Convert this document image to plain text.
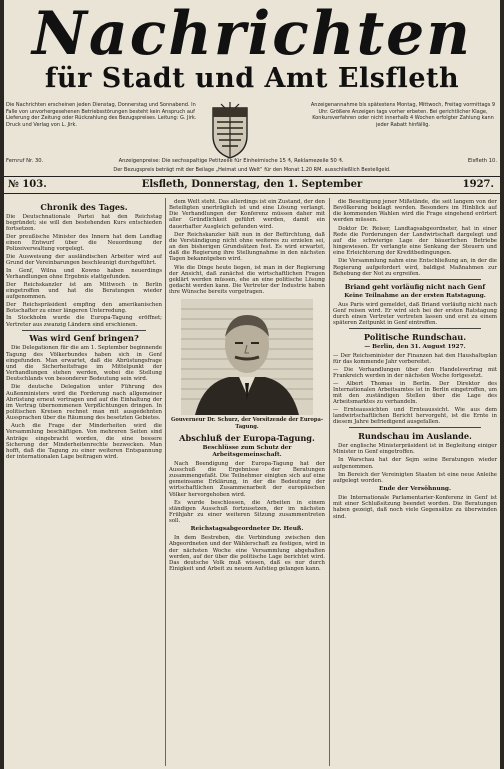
Nachrichten
für Stadt und Amt Elsfleth
Die Nachrichten erscheinen jeden Dienstag, Donnerstag und Sonnabend. In Falle von unvorhergesehenen Betriebsstörungen besteht kein Anspruch auf Lieferung der Zeitung oder Rückzahlung des Bezugspreises. Leitung: G. Jirk. Druck und Verlag von L. Jirk.
Anzeigenannahme bis spätestens Montag, Mittwoch, Freitag vormittags 9 Uhr. Größere Anzeigen tags vorher erbeten. Bei gerichtlicher Klage, Konkursverfahren oder nicht innerhalb 4 Wochen erfolgter Zahlung kann jeder Rabatt hinfällig.
Fernruf Nr. 30.	Anzeigenpreise: Die sechsspaltige Petitzeile für Einheimische 15 ₰, Reklamezeile 50 ₰.	Elsfleth 10.
Der Bezugspreis beträgt mit der Beilage „Heimat und Welt“ für den Monat 1.20 RM. ausschließlich Bestellgeld.
№ 103.	Elsfleth, Donnerstag, den 1. September	1927.
Chronik des Tages.

Die Deutschnationale Partei hat den Reichstag begründet; sie will den bestehenden Kurs entschieden fortsetzen.

Der preußische Minister des Innern hat dem Landtag einen Entwurf über die Neuordnung der Polizeiverwaltung vorgelegt.

Die Ausweisung der ausländischen Arbeiter wird auf Grund der Vereinbarungen beschleunigt durchgeführt.

In Genf, Wilna und Kowno haben neuerdings Verhandlungen ohne Ergebnis stattgefunden.

Der Reichskanzler ist am Mittwoch in Berlin eingetroffen und hat die Beratungen wieder aufgenommen.

Der Reichspräsident empfing den amerikanischen Botschafter zu einer längeren Unterredung.

In Stockholm wurde die Europa-Tagung eröffnet; Vertreter aus zwanzig Ländern sind erschienen.

Was wird Genf bringen?

Die Delegationen für die am 1. September beginnende Tagung des Völkerbundes haben sich in Genf eingefunden. Man erwartet, daß die Abrüstungsfrage und die Sicherheitsfrage im Mittelpunkt der Verhandlungen stehen werden, wobei die Stellung Deutschlands von besonderer Bedeutung sein wird.

Die deutsche Delegation unter Führung des Außenministers wird die Forderung nach allgemeiner Abrüstung erneut vortragen und auf die Einhaltung der im Vertrag übernommenen Verpflichtungen dringen. In politischen Kreisen rechnet man mit ausgedehnten Aussprachen über die Räumung des besetzten Gebietes.

Auch die Frage der Minderheiten wird die Versammlung beschäftigen. Von mehreren Seiten sind Anträge eingebracht worden, die eine bessere Sicherung der Minderheitenrechte bezwecken. Man hofft, daß die Tagung zu einer weiteren Entspannung der internationalen Lage beitragen wird.

dem Welt steht. Das allerdings ist ein Zustand, der den Beteiligten unerträglich ist und eine Lösung verlangt. Die Verhandlungen der Konferenz müssen daher mit aller Gründlichkeit geführt werden, damit ein dauerhafter Ausgleich gefunden wird.

Der Reichskanzler hält nun in der Befürchtung, daß die Verständigung nicht ohne weiteres zu erzielen sei, an den bisherigen Grundsätzen fest. Es wird erwartet, daß die Regierung ihre Stellungnahme in den nächsten Tagen bekanntgeben wird.

Wie die Dinge heute liegen, ist man in der Regierung der Ansicht, daß zunächst die wirtschaftlichen Fragen geklärt werden müssen, ehe an eine politische Lösung gedacht werden kann. Die Vertreter der Industrie haben ihre Wünsche bereits vorgetragen.

Gouverneur Dr. Schurz, der Vorsitzende der Europa-Tagung.
Abschluß der Europa-Tagung.
Beschlüsse zum Schutz der Arbeitsgemeinschaft.

Nach Beendigung der Europa-Tagung hat der Ausschuß die Ergebnisse der Beratungen zusammengefaßt. Die Teilnehmer einigten sich auf eine gemeinsame Erklärung, in der die Bedeutung der wirtschaftlichen Zusammenarbeit der europäischen Völker hervorgehoben wird.

Es wurde beschlossen, die Arbeiten in einem ständigen Ausschuß fortzusetzen, der im nächsten Frühjahr zu einer weiteren Sitzung zusammentreten soll.

Reichstagsabgeordneter Dr. Heuß.

In dem Bestreben, die Verbindung zwischen den Abgeordneten und der Wählerschaft zu festigen, wird in der nächsten Woche eine Versammlung abgehalten werden, auf der über die politische Lage berichtet wird. Das deutsche Volk muß wissen, daß es nur durch Einigkeit und Arbeit zu neuem Aufstieg gelangen kann.

die Beseitigung jener Mißstände, die seit langem von der Bevölkerung beklagt werden. Besonders im Hinblick auf die kommenden Wahlen wird die Frage eingehend erörtert werden müssen.

Doktor Dr. Reiser, Landtagsabgeordneter, hat in einer Rede die Forderungen der Landwirtschaft dargelegt und auf die schwierige Lage der bäuerlichen Betriebe hingewiesen. Er verlangte eine Senkung der Steuern und eine Erleichterung der Kreditbedingungen.

Die Versammlung nahm eine Entschließung an, in der die Regierung aufgefordert wird, baldigst Maßnahmen zur Behebung der Not zu ergreifen.

Briand geht vorläufig nicht nach Genf
Keine Teilnahme an der ersten Ratstagung.

Aus Paris wird gemeldet, daß Briand vorläufig nicht nach Genf reisen wird. Er wird sich bei der ersten Ratstagung durch einen Vertreter vertreten lassen und erst zu einem späteren Zeitpunkt in Genf eintreffen.

Politische Rundschau.
— Berlin, den 31. August 1927.

— Der Reichsminister der Finanzen hat den Haushaltsplan für das kommende Jahr vorbereitet.

— Die Verhandlungen über den Handelsvertrag mit Frankreich werden in der nächsten Woche fortgesetzt.

— Albert Thomas in Berlin. Der Direktor des Internationalen Arbeitsamtes ist in Berlin eingetroffen, um mit den zuständigen Stellen über die Lage des Arbeitsmarktes zu verhandeln.

— Ernteaussichten und Ernteaussicht. Wie aus dem landwirtschaftlichen Bericht hervorgeht, ist die Ernte in diesem Jahre befriedigend ausgefallen.

Rundschau im Auslande.

Der englische Ministerpräsident ist in Begleitung einiger Minister in Genf eingetroffen.

In Warschau hat der Sejm seine Beratungen wieder aufgenommen.

Im Bereich der Vereinigten Staaten ist eine neue Anleihe aufgelegt worden.

Ende der Versöhnung.

Die Internationale Parlamentarier-Konferenz in Genf ist mit einer Schlußsitzung beendet worden. Die Beratungen haben gezeigt, daß noch viele Gegensätze zu überwinden sind.
